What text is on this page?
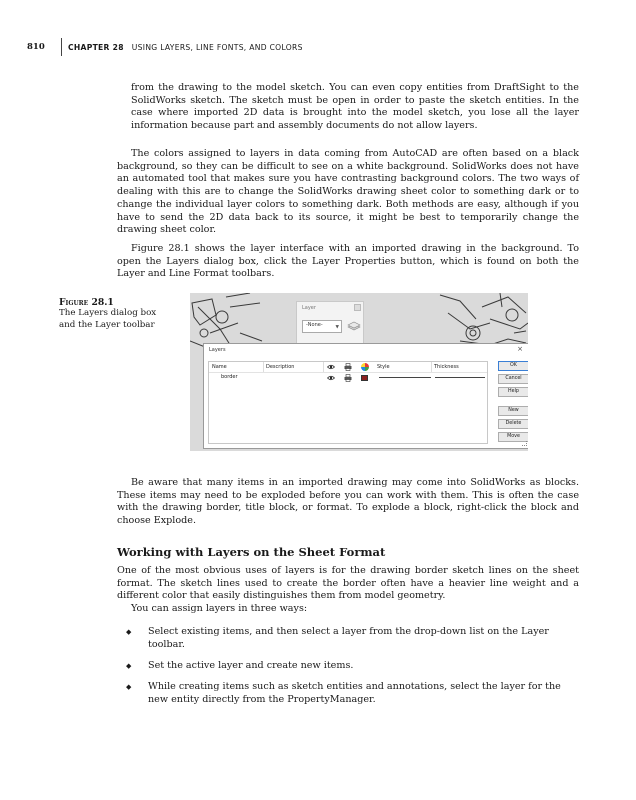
810	CHAPTER 28 USING LAYERS, LINE FONTS, AND COLORS

from the drawing to the model sketch. You can even copy entities from DraftSight to the SolidWorks sketch. The sketch must be open in order to paste the sketch entities. In the case where imported 2D data is brought into the model sketch, you lose all the layer information because part and assembly documents do not allow layers.

The colors assigned to layers in data coming from AutoCAD are often based on a black background, so they can be difficult to see on a white background. SolidWorks does not have an automated tool that makes sure you have contrasting background colors. The two ways of dealing with this are to change the SolidWorks drawing sheet color to something dark or to change the individual layer colors to something dark. Both methods are easy, although if you have to send the 2D data back to its source, it might be best to temporarily change the drawing sheet color.

Figure 28.1 shows the layer interface with an imported drawing in the background. To open the Layers dialog box, click the Layer Properties button, which is found on both the Layer and Line Format toolbars.

Figure 28.1
The Layers dialog box and the Layer toolbar
Layer
-None-	▼
Layers	×
Name	Description	Style	Thickness
border
OK
Cancel
Help
New
Delete
Move

Be aware that many items in an imported drawing may come into SolidWorks as blocks. These items may need to be exploded before you can work with them. This is often the case with the drawing border, title block, or format. To explode a block, right-click the block and choose Explode.

Working with Layers on the Sheet Format

One of the most obvious uses of layers is for the drawing border sketch lines on the sheet format. The sketch lines used to create the border often have a heavier line weight and a different color that easily distinguishes them from model geometry.

You can assign layers in three ways:

◆ Select existing items, and then select a layer from the drop-down list on the Layer toolbar.
◆ Set the active layer and create new items.
◆ While creating items such as sketch entities and annotations, select the layer for the new entity directly from the PropertyManager.
